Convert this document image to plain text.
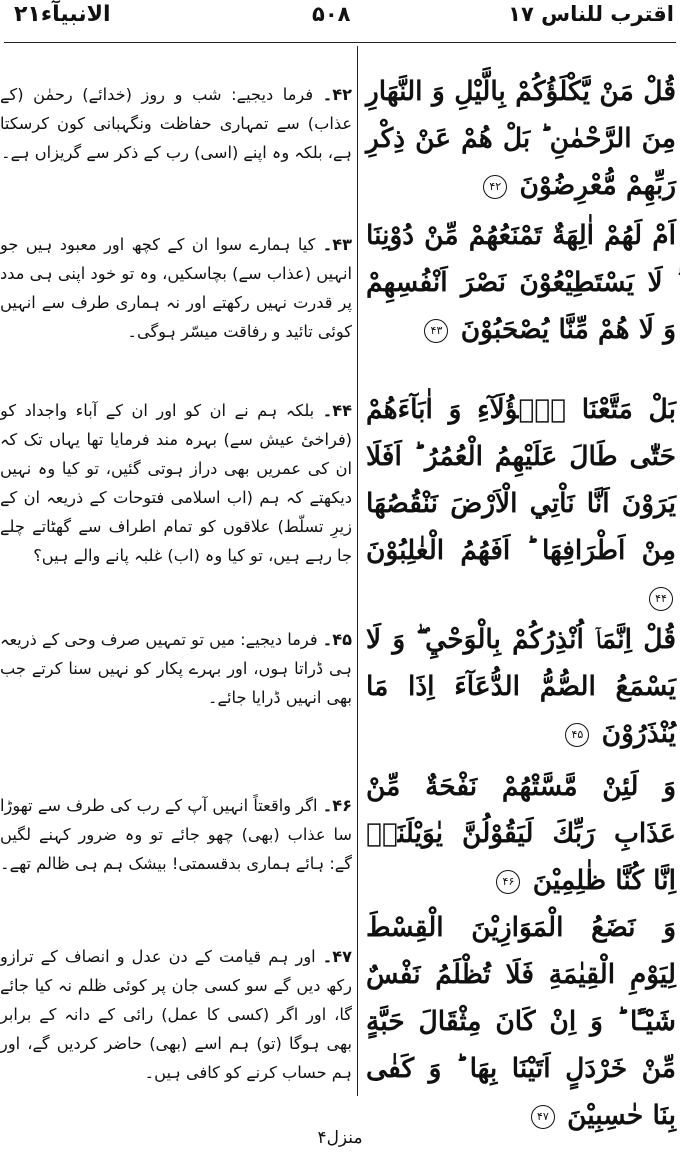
اقترب للناس ۱۷
۵۰۸
الانبیآء۲۱
۴۲۔ فرما دیجیے: شب و روز (خدائے) رحمٰن (کے عذاب) سے تمہاری حفاظت ونگہبانی کون کرسکتا ہے، بلکہ وہ اپنے (اسی) رب کے ذکر سے گریزاں ہے۔
۴۳۔ کیا ہمارے سوا ان کے کچھ اور معبود ہیں جو انہیں (عذاب سے) بچاسکیں، وہ تو خود اپنی ہی مدد پر قدرت نہیں رکھتے اور نہ ہماری طرف سے انہیں کوئی تائید و رفاقت میسّر ہوگی۔
۴۴۔ بلکہ ہم نے ان کو اور ان کے آباء واجداد کو (فراخیٔ عیش سے) بہرہ مند فرمایا تھا یہاں تک کہ ان کی عمریں بھی دراز ہوتی گئیں، تو کیا وہ نہیں دیکھتے کہ ہم (اب اسلامی فتوحات کے ذریعہ ان کے زیرِ تسلّط) علاقوں کو تمام اطراف سے گھٹاتے چلے جا رہے ہیں، تو کیا وہ (اب) غلبہ پانے والے ہیں؟
۴۵۔ فرما دیجیے: میں تو تمہیں صرف وحی کے ذریعہ ہی ڈراتا ہوں، اور بہرے پکار کو نہیں سنا کرتے جب بھی انہیں ڈرایا جائے۔
۴۶۔ اگر واقعتاً انہیں آپ کے رب کی طرف سے تھوڑا سا عذاب (بھی) چھو جائے تو وہ ضرور کہنے لگیں گے: ہائے ہماری بدقسمتی! بیشک ہم ہی ظالم تھے۔
۴۷۔ اور ہم قیامت کے دن عدل و انصاف کے ترازو رکھ دیں گے سو کسی جان پر کوئی ظلم نہ کیا جائے گا، اور اگر (کسی کا عمل) رائی کے دانہ کے برابر بھی ہوگا (تو) ہم اسے (بھی) حاضر کردیں گے، اور ہم حساب کرنے کو کافی ہیں۔
قُلْ مَنْ يَّكْلَؤُكُمْ بِالَّيْلِ وَ النَّهَارِ مِنَ الرَّحْمٰنِ ؕ بَلْ هُمْ عَنْ ذِكْرِ رَبِّهِمْ مُّعْرِضُوْنَ ۴۲
اَمْ لَهُمْ اٰلِهَةٌ تَمْنَعُهُمْ مِّنْ دُوْنِنَا ؕ لَا يَسْتَطِيْعُوْنَ نَصْرَ اَنْفُسِهِمْ وَ لَا هُمْ مِّنَّا يُصْحَبُوْنَ ۴۳
بَلْ مَتَّعْنَا هٰۤؤُلَآءِ وَ اٰبَآءَهُمْ حَتّٰى طَالَ عَلَيْهِمُ الْعُمُرُ ؕ اَفَلَا يَرَوْنَ اَنَّا نَاْتِي الْاَرْضَ نَنْقُصُهَا مِنْ اَطْرَافِهَا ؕ اَفَهُمُ الْغٰلِبُوْنَ ۴۴
قُلْ اِنَّمَاۤ اُنْذِرُكُمْ بِالْوَحْيِ ۖؗ وَ لَا يَسْمَعُ الصُّمُّ الدُّعَآءَ اِذَا مَا يُنْذَرُوْنَ ۴۵
وَ لَئِنْ مَّسَّتْهُمْ نَفْحَةٌ مِّنْ عَذَابِ رَبِّكَ لَيَقُوْلُنَّ يٰوَيْلَنَاۤ اِنَّا كُنَّا ظٰلِمِيْنَ ۴۶
وَ نَضَعُ الْمَوَازِيْنَ الْقِسْطَ لِيَوْمِ الْقِيٰمَةِ فَلَا تُظْلَمُ نَفْسٌ شَيْـًٔا ؕ وَ اِنْ كَانَ مِثْقَالَ حَبَّةٍ مِّنْ خَرْدَلٍ اَتَيْنَا بِهَا ؕ وَ كَفٰى بِنَا حٰسِبِيْنَ ۴۷
منزل۴
